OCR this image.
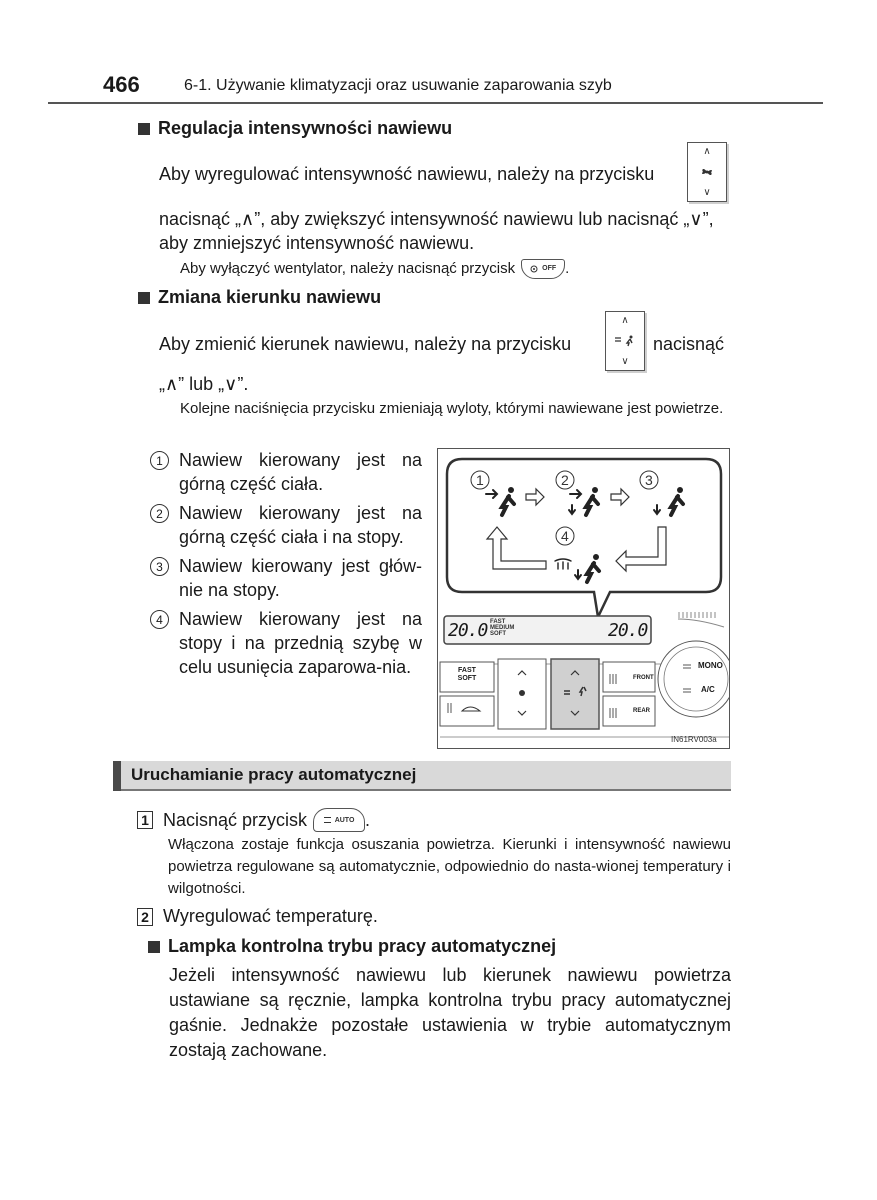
466	6-1. Używanie klimatyzacji oraz usuwanie zaparowania szyb
Regulacja intensywności nawiewu
Aby wyregulować intensywność nawiewu, należy na przycisku
∧
∨
nacisnąć „∧”, aby zwiększyć intensywność nawiewu lub nacisnąć „∨”,
aby zmniejszyć intensywność nawiewu.
Aby wyłączyć wentylator, należy nacisnąć przycisk	OFF .
Zmiana kierunku nawiewu
Aby zmienić kierunek nawiewu, należy na przycisku
∧
∨
nacisnąć
„∧” lub „∨”.
Kolejne naciśnięcia przycisku zmieniają wyloty, którymi nawiewane jest powietrze.
1 Nawiew kierowany jest na górną część ciała.
2 Nawiew kierowany jest na górną część ciała i na stopy.
3 Nawiew kierowany jest głów-nie na stopy.
4 Nawiew kierowany jest na stopy i na przednią szybę w celu usunięcia zaparowa-nia.
1	2	3
4
20.0 FAST
MEDIUM
SOFT	20.0
FAST
SOFT	FRONT
REAR
MONO
A/C
IN61RV003a
Uruchamianie pracy automatycznej
1 Nacisnąć przycisk	AUTO .
Włączona zostaje funkcja osuszania powietrza. Kierunki i intensywność nawiewu powietrza regulowane są automatycznie, odpowiednio do nasta-wionej temperatury i wilgotności.
2 Wyregulować temperaturę.
Lampka kontrolna trybu pracy automatycznej
Jeżeli intensywność nawiewu lub kierunek nawiewu powietrza ustawiane są ręcznie, lampka kontrolna trybu pracy automatycznej gaśnie. Jednakże pozostałe ustawienia w trybie automatycznym zostają zachowane.
